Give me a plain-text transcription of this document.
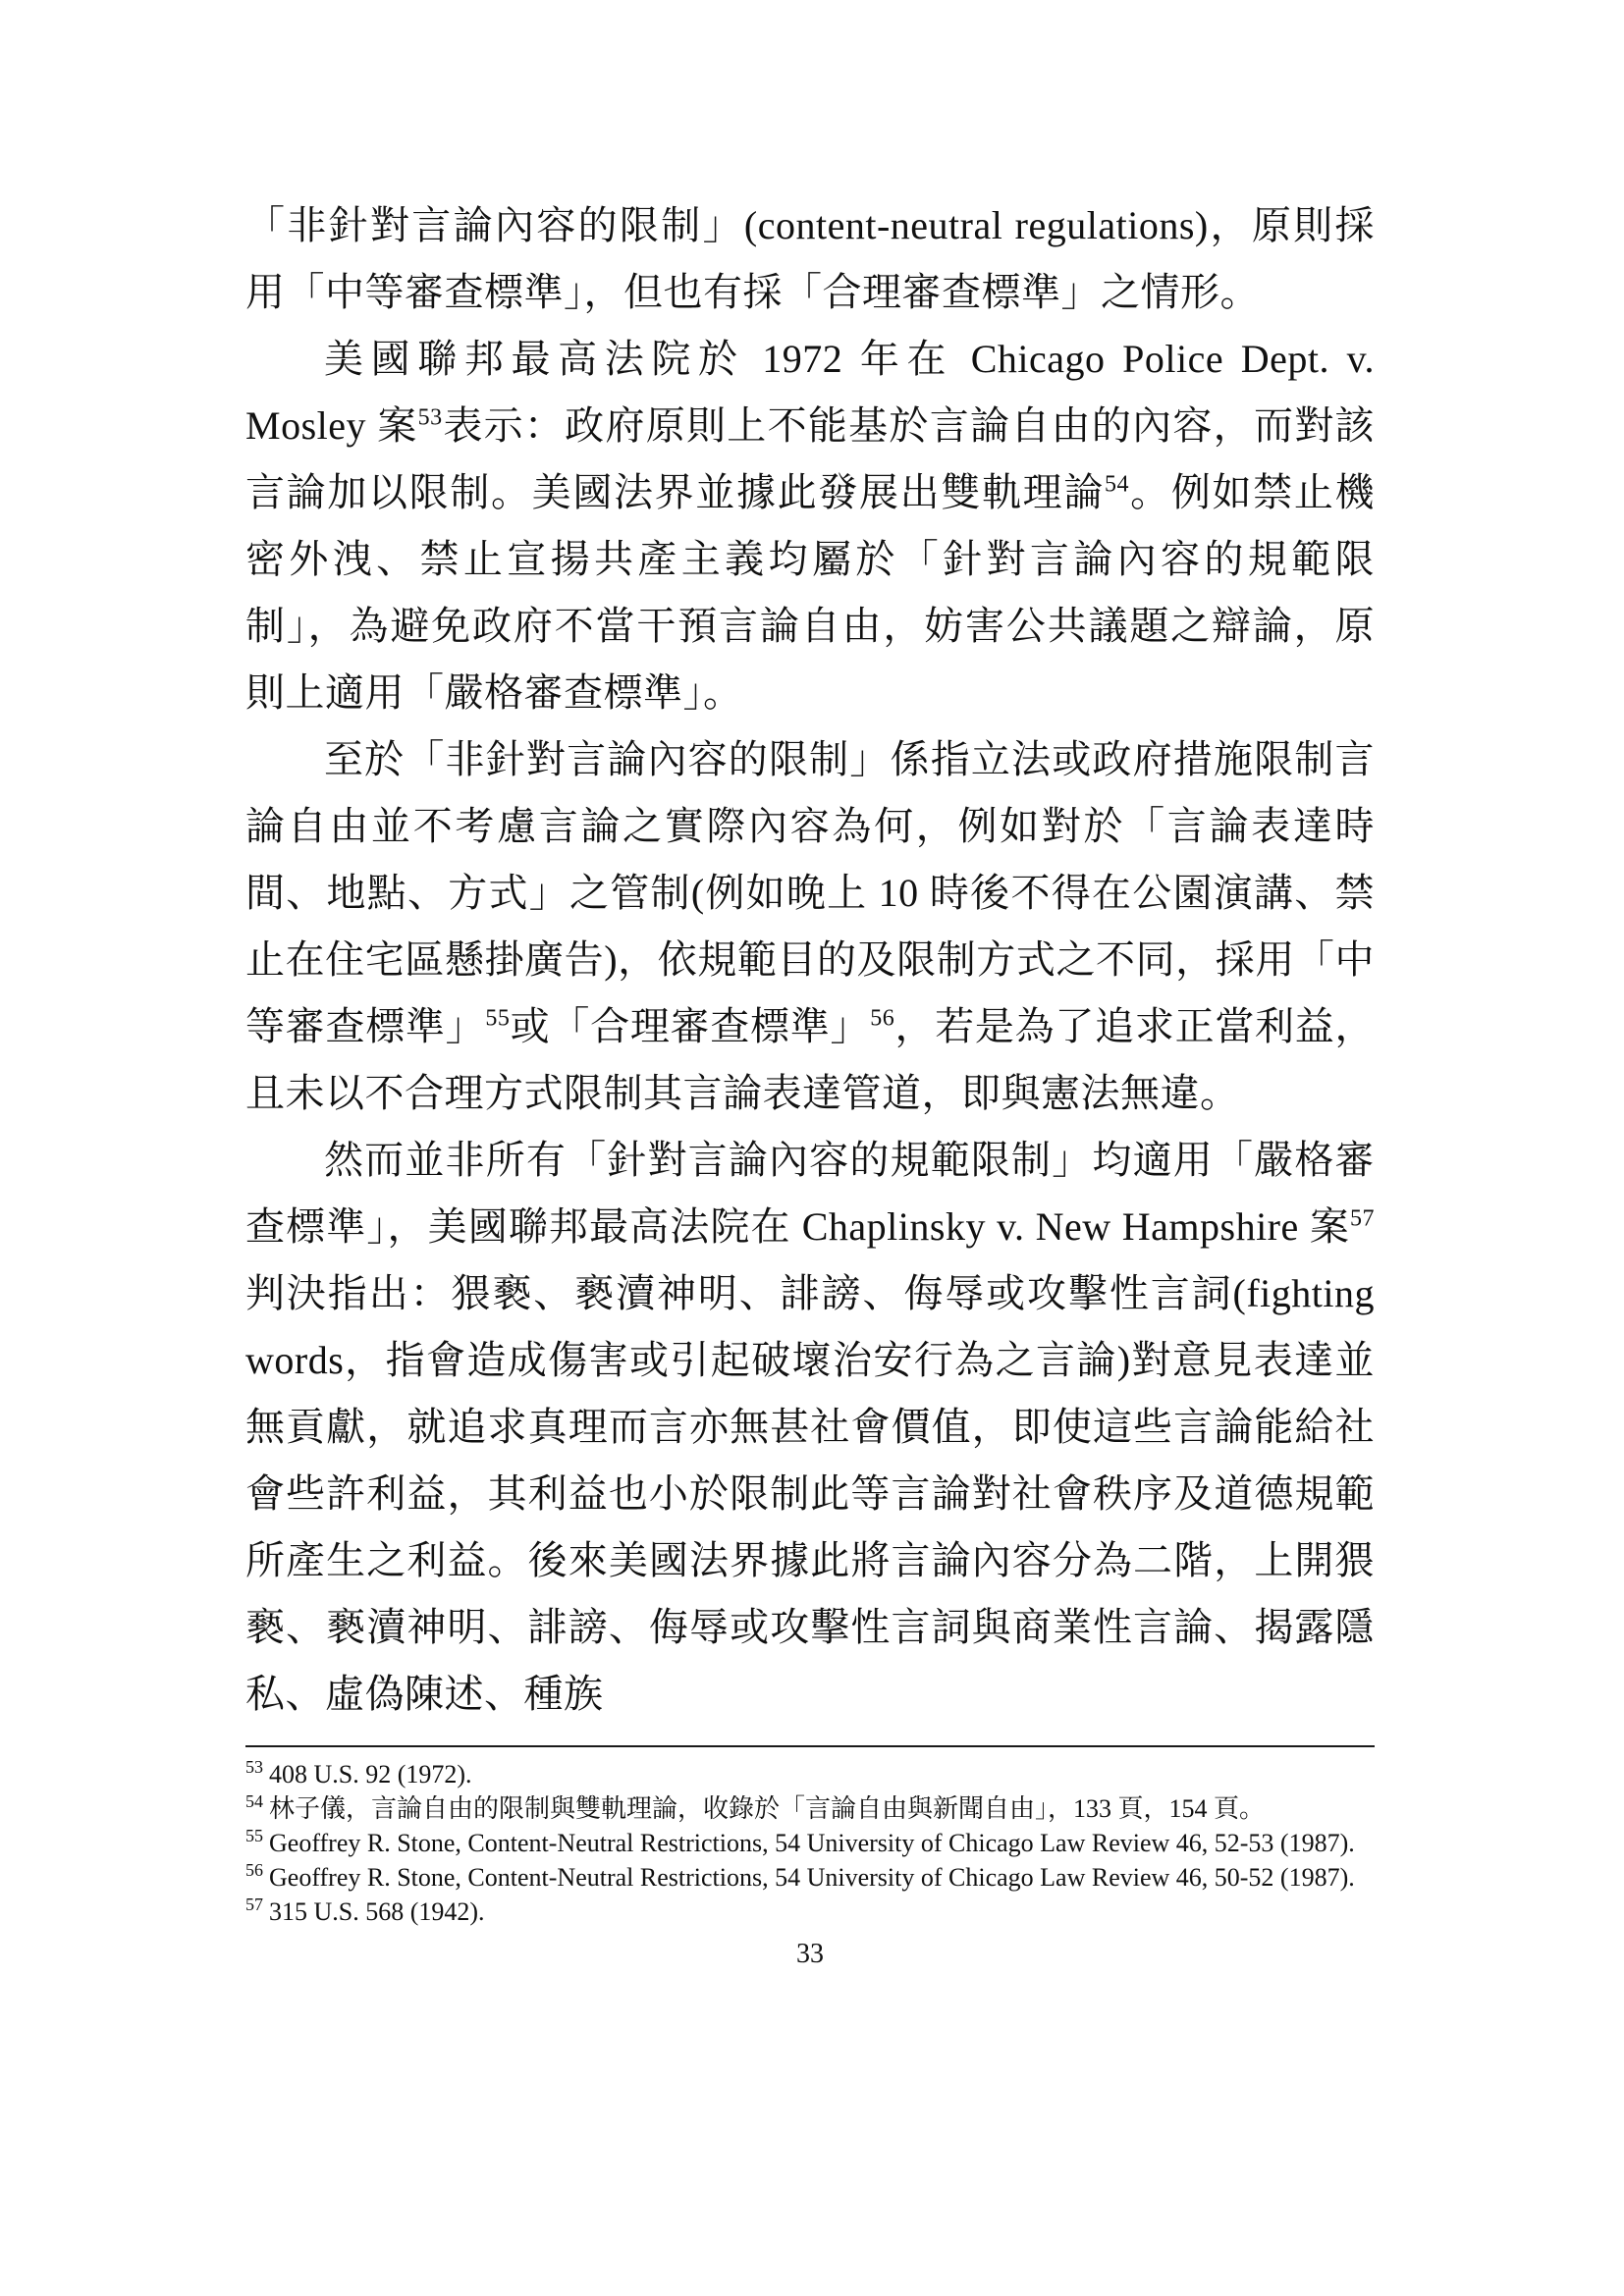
「非針對言論內容的限制」(content-neutral regulations)，原則採用「中等審查標準」，但也有採「合理審查標準」之情形。

美國聯邦最高法院於 1972 年在 Chicago Police Dept. v. Mosley 案$^{53}$表示：政府原則上不能基於言論自由的內容，而對該言論加以限制。美國法界並據此發展出雙軌理論$^{54}$。例如禁止機密外洩、禁止宣揚共產主義均屬於「針對言論內容的規範限制」，為避免政府不當干預言論自由，妨害公共議題之辯論，原則上適用「嚴格審查標準」。

至於「非針對言論內容的限制」係指立法或政府措施限制言論自由並不考慮言論之實際內容為何，例如對於「言論表達時間、地點、方式」之管制(例如晚上 10 時後不得在公園演講、禁止在住宅區懸掛廣告)，依規範目的及限制方式之不同，採用「中等審查標準」$^{55}$或「合理審查標準」$^{56}$，若是為了追求正當利益，且未以不合理方式限制其言論表達管道，即與憲法無違。

然而並非所有「針對言論內容的規範限制」均適用「嚴格審查標準」，美國聯邦最高法院在 Chaplinsky v. New Hampshire 案$^{57}$判決指出：猥褻、褻瀆神明、誹謗、侮辱或攻擊性言詞(fighting words，指會造成傷害或引起破壞治安行為之言論)對意見表達並無貢獻，就追求真理而言亦無甚社會價值，即使這些言論能給社會些許利益，其利益也小於限制此等言論對社會秩序及道德規範所產生之利益。後來美國法界據此將言論內容分為二階，上開猥褻、褻瀆神明、誹謗、侮辱或攻擊性言詞與商業性言論、揭露隱私、虛偽陳述、種族

$^{53}$ 408 U.S. 92 (1972).
$^{54}$ 林子儀，言論自由的限制與雙軌理論，收錄於「言論自由與新聞自由」，133 頁，154 頁。
$^{55}$ Geoffrey R. Stone, Content-Neutral Restrictions, 54 University of Chicago Law Review 46, 52-53 (1987).
$^{56}$ Geoffrey R. Stone, Content-Neutral Restrictions, 54 University of Chicago Law Review 46, 50-52 (1987).
$^{57}$ 315 U.S. 568 (1942).
33
